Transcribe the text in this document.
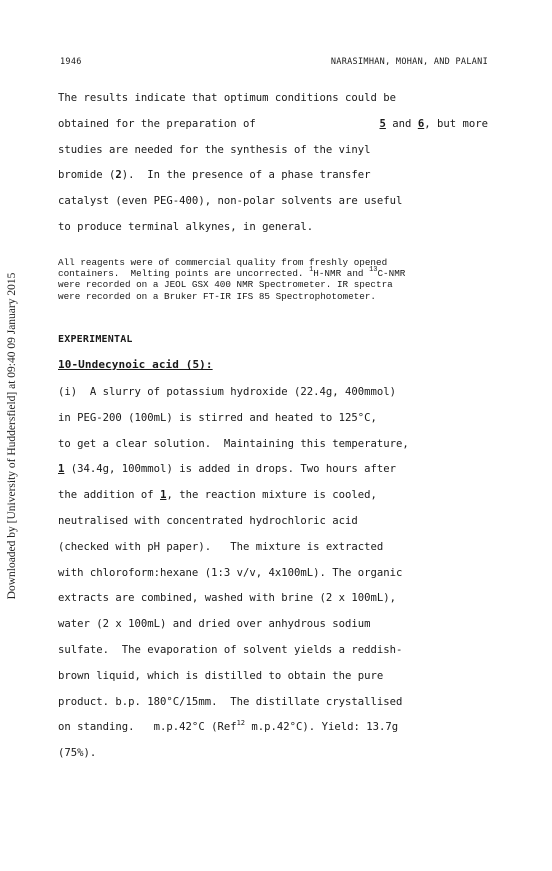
Downloaded by [University of Huddersfield] at 09:40 09 January 2015
1946	NARASIMHAN, MOHAN, AND PALANI
The results indicate that optimum conditions could be
obtained for the preparation of	5 and 6, but more
studies are needed for the synthesis of the vinyl
bromide (2).  In the presence of a phase transfer
catalyst (even PEG-400), non-polar solvents are useful
to produce terminal alkynes, in general.
All reagents were of commercial quality from freshly opened
containers.  Melting points are uncorrected. $^1$H-NMR and $^{13}$C-NMR
were recorded on a JEOL GSX 400 NMR Spectrometer. IR spectra
were recorded on a Bruker FT-IR IFS 85 Spectrophotometer.
EXPERIMENTAL
10-Undecynoic acid (5):
(i)  A slurry of potassium hydroxide (22.4g, 400mmol)
in PEG-200 (100mL) is stirred and heated to 125°C,
to get a clear solution.  Maintaining this temperature,
1 (34.4g, 100mmol) is added in drops. Two hours after
the addition of 1, the reaction mixture is cooled,
neutralised with concentrated hydrochloric acid
(checked with pH paper).   The mixture is extracted
with chloroform:hexane (1:3 v/v, 4x100mL). The organic
extracts are combined, washed with brine (2 x 100mL),
water (2 x 100mL) and dried over anhydrous sodium
sulfate.  The evaporation of solvent yields a reddish-
brown liquid, which is distilled to obtain the pure
product. b.p. 180°C/15mm.  The distillate crystallised
on standing.   m.p.42°C (Ref$^{12}$ m.p.42°C). Yield: 13.7g
(75%).
